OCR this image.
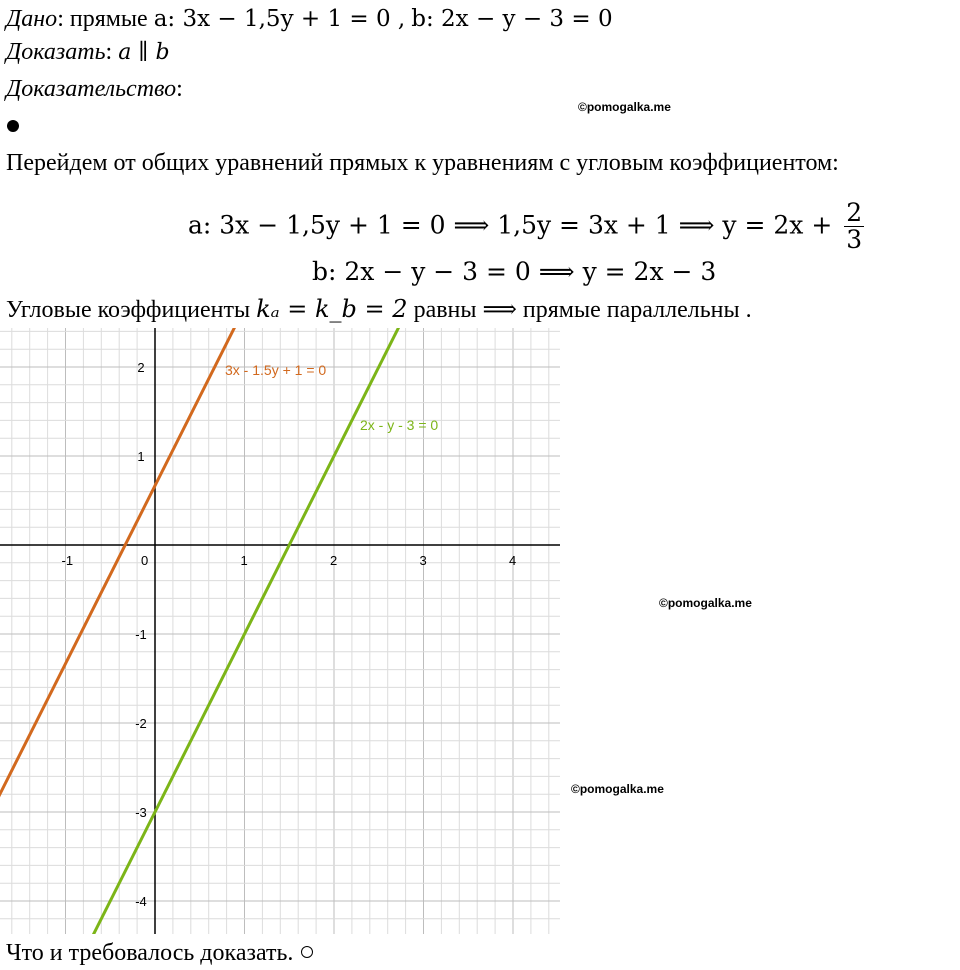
Дано: прямые a: 3x − 1,5y + 1 = 0 , b: 2x − y − 3 = 0
Доказать: a ∥ b
Доказательство:
©pomogalka.me
Перейдем от общих уравнений прямых к уравнениям с угловым коэффициентом:
a: 3x − 1,5y + 1 = 0 ⟹ 1,5y = 3x + 1 ⟹ $y = 2x + \frac{2}{3}$
b: 2x − y − 3 = 0 ⟹ y = 2x − 3
Угловые коэффициенты kₐ = k_b = 2 равны ⟹ прямые параллельны .
-1	0	1	2	3	4
-4
-3
-2
-1
1
2	3x - 1.5y + 1 = 0
2x - y - 3 = 0
©pomogalka.me
©pomogalka.me
Что и требовалось доказать.
